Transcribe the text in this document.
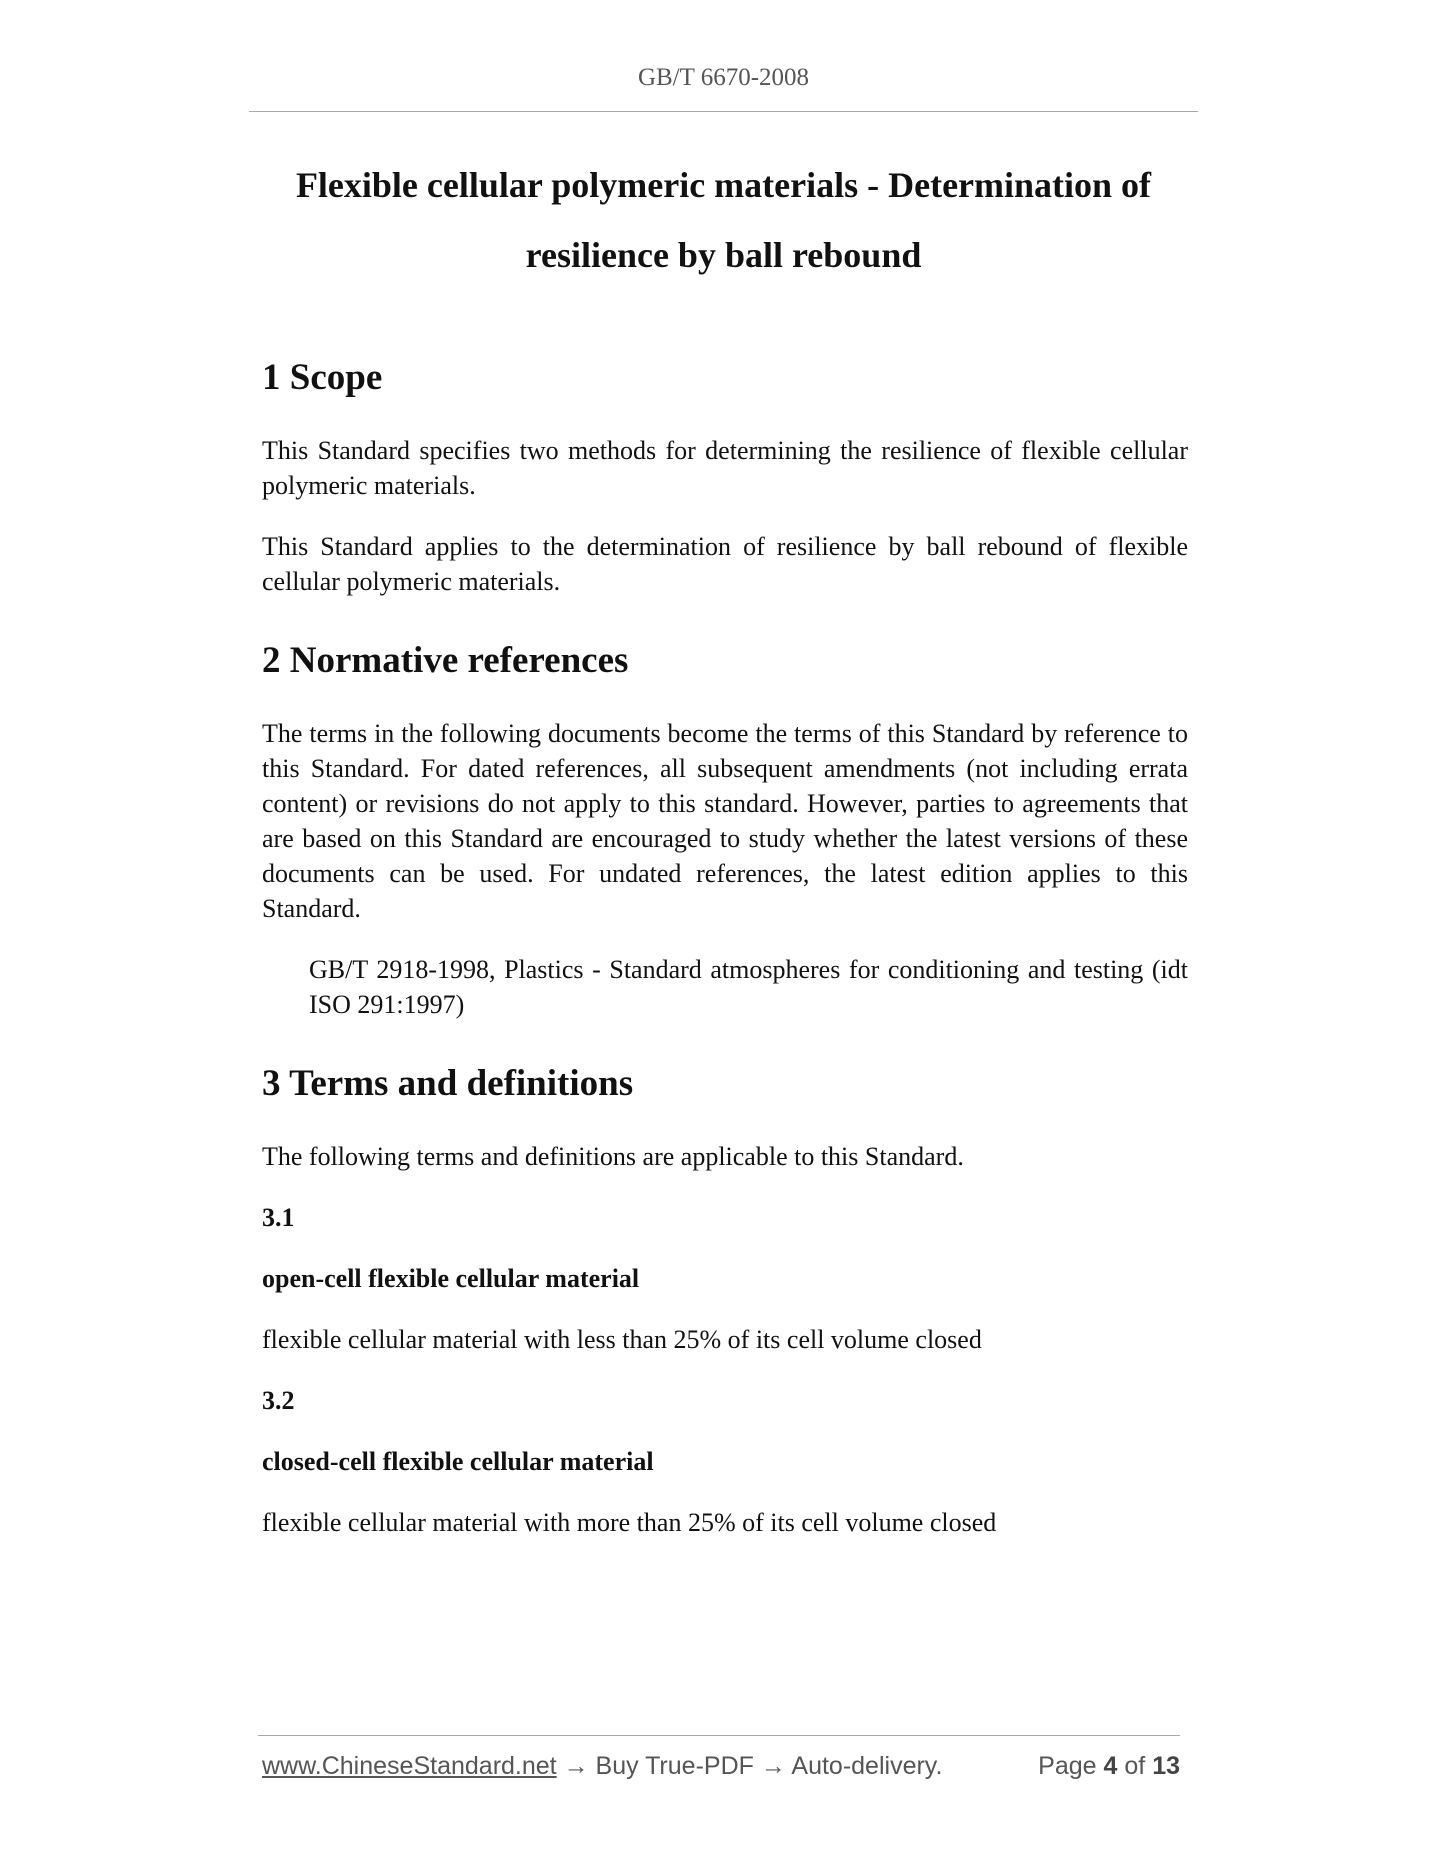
GB/T 6670-2008
Flexible cellular polymeric materials - Determination of
resilience by ball rebound
1 Scope

This Standard specifies two methods for determining the resilience of flexible cellular polymeric materials.

This Standard applies to the determination of resilience by ball rebound of flexible cellular polymeric materials.

2 Normative references

The terms in the following documents become the terms of this Standard by reference to this Standard. For dated references, all subsequent amendments (not including errata content) or revisions do not apply to this standard. However, parties to agreements that are based on this Standard are encouraged to study whether the latest versions of these documents can be used. For undated references, the latest edition applies to this Standard.

GB/T 2918-1998, Plastics - Standard atmospheres for conditioning and testing (idt ISO 291:1997)

3 Terms and definitions

The following terms and definitions are applicable to this Standard.

3.1

open-cell flexible cellular material

flexible cellular material with less than 25% of its cell volume closed

3.2

closed-cell flexible cellular material

flexible cellular material with more than 25% of its cell volume closed

www.ChineseStandard.net → Buy True-PDF → Auto-delivery.	Page 4 of 13
